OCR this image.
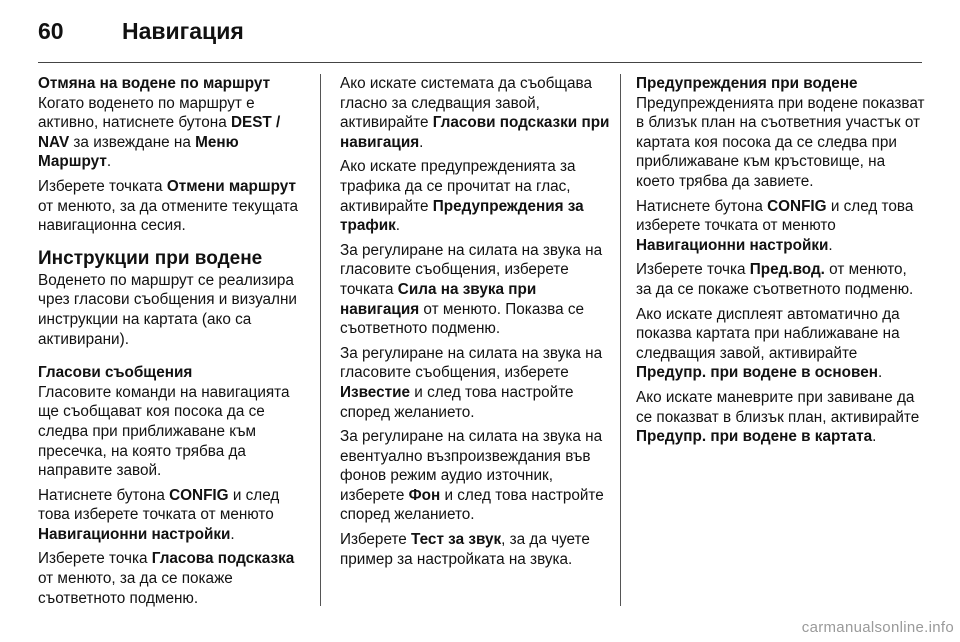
60	Навигация
Отмяна на водене по маршрут

Когато воденето по маршрут е активно, натиснете бутона DEST / NAV за извеждане на Меню Маршрут.

Изберете точката Отмени маршрут от менюто, за да отмените текущата навигационна сесия.

Инструкции при водене

Воденето по маршрут се реализира чрез гласови съобщения и визуални инструкции на картата (ако са активирани).

Гласови съобщения

Гласовите команди на навигацията ще съобщават коя посока да се следва при приближаване към пресечка, на която трябва да направите завой.

Натиснете бутона CONFIG и след това изберете точката от менюто Навигационни настройки.

Изберете точка Гласова подсказка от менюто, за да се покаже съответното подменю.

Ако искате системата да съобщава гласно за следващия завой, активирайте Гласови подсказки при навигация.

Ако искате предупрежденията за трафика да се прочитат на глас, активирайте Предупреждения за трафик.

За регулиране на силата на звука на гласовите съобщения, изберете точката Сила на звука при навигация от менюто. Показва се съответното подменю.

За регулиране на силата на звука на гласовите съобщения, изберете Известие и след това настройте според желанието.

За регулиране на силата на звука на евентуално възпроизвеждания във фонов режим аудио източник, изберете Фон и след това настройте според желанието.

Изберете Тест за звук, за да чуете пример за настройката на звука.

Предупреждения при водене

Предупрежденията при водене показват в близък план на съответния участък от картата коя посока да се следва при приближаване към кръстовище, на което трябва да завиете.

Натиснете бутона CONFIG и след това изберете точката от менюто Навигационни настройки.

Изберете точка Пред.вод. от менюто, за да се покаже съответното подменю.

Ако искате дисплеят автоматично да показва картата при наближаване на следващия завой, активирайте Предупр. при водене в основен.

Ако искате маневрите при завиване да се показват в близък план, активирайте Предупр. при водене в картата.

carmanualsonline.info
